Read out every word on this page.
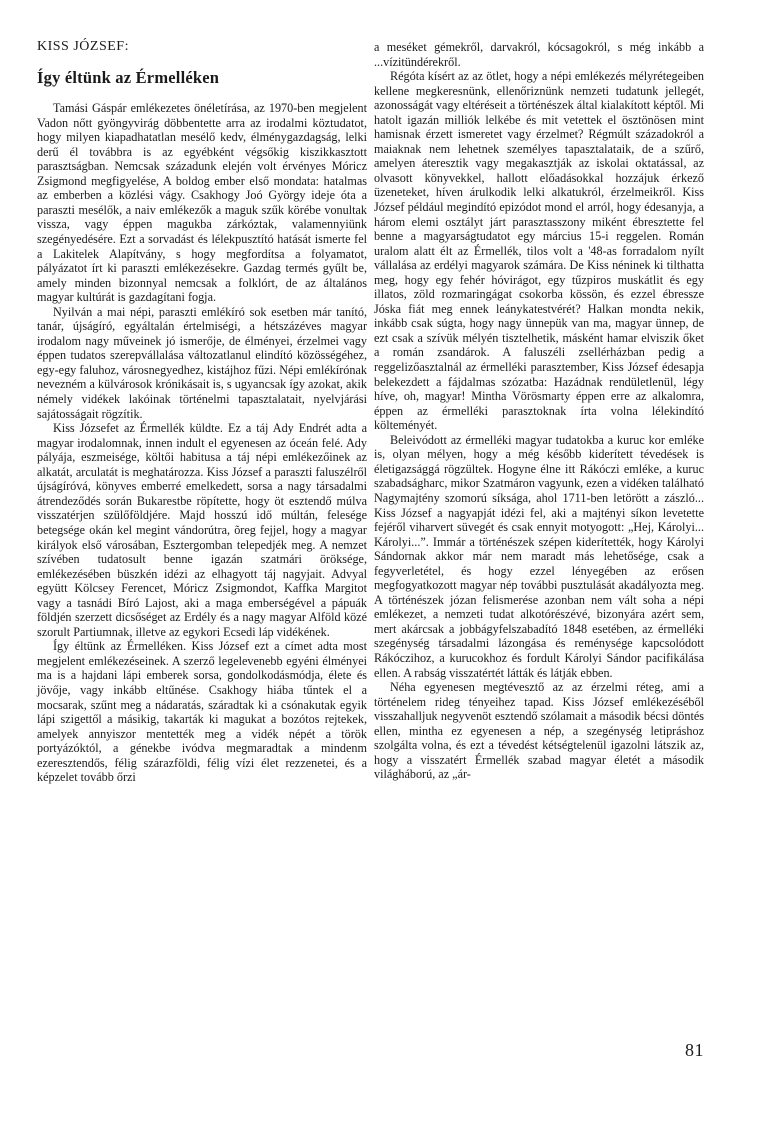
KISS JÓZSEF:
Így éltünk az Érmelléken

Tamási Gáspár emlékezetes önéletírása, az 1970-ben megjelent Vadon nőtt gyöngyvirág döbbentette arra az irodalmi köztudatot, hogy milyen kiapadhatatlan mesélő kedv, élménygazdagság, lelki derű él továbbra is az egyébként végsőkig kiszikkasztott parasztságban. Nemcsak századunk elején volt érvényes Móricz Zsigmond megfigyelése, A boldog ember első mondata: hatalmas az emberben a közlési vágy. Csakhogy Joó György ideje óta a paraszti mesélők, a naiv emlékezők a maguk szűk körébe vonultak vissza, vagy éppen magukba zárkóztak, valamennyiünk szegényedésére. Ezt a sorvadást és lélekpusztító hatását ismerte fel a Lakitelek Alapítvány, s hogy megfordítsa a folyamatot, pályázatot írt ki paraszti emlékezésekre. Gazdag termés gyűlt be, amely minden bizonnyal nemcsak a folklórt, de az általános magyar kultúrát is gazdagítani fogja.

Nyilván a mai népi, paraszti emlékíró sok esetben már tanító, tanár, újságíró, egyáltalán értelmiségi, a hétszázéves magyar irodalom nagy műveinek jó ismerője, de élményei, érzelmei vagy éppen tudatos szerepvállalása változatlanul elindító közösségéhez, egy-egy faluhoz, városnegyedhez, kistájhoz fűzi. Népi emlékírónak nevezném a külvárosok krónikásait is, s ugyancsak így azokat, akik némely vidékek lakóinak történelmi tapasztalatait, nyelvjárási sajátosságait rögzítik.

Kiss Józsefet az Érmellék küldte. Ez a táj Ady Endrét adta a magyar irodalomnak, innen indult el egyenesen az óceán felé. Ady pályája, eszmeisége, költői habitusa a táj népi emlékezőinek az alkatát, arculatát is meghatározza. Kiss József a paraszti faluszélről újságíróvá, könyves emberré emelkedett, sorsa a nagy társadalmi átrendeződés során Bukarestbe röpítette, hogy öt esztendő múlva visszatérjen szülőföldjére. Majd hosszú idő múltán, felesége betegsége okán kel megint vándorútra, õreg fejjel, hogy a magyar királyok első városában, Esztergomban telepedjék meg. A nemzet szívében tudatosult benne igazán szatmári öröksége, emlékezésében büszkén idézi az elhagyott táj nagyjait. Advyal együtt Kölcsey Ferencet, Móricz Zsigmondot, Kaffka Margitot vagy a tasnádi Bíró Lajost, aki a maga emberségével a pápuák földjén szerzett dicsőséget az Erdély és a nagy magyar Alföld közé szorult Partiumnak, illetve az egykori Ecsedi láp vidékének.

Így éltünk az Érmelléken. Kiss József ezt a címet adta most megjelent emlékezéseinek. A szerző legelevenebb egyéni élményei ma is a hajdani lápi emberek sorsa, gondolkodásmódja, élete és jövője, vagy inkább eltűnése. Csakhogy hiába tűntek el a mocsarak, szűnt meg a nádaratás, száradtak ki a csónakutak egyik lápi szigettől a másikig, takarták ki magukat a bozótos rejtekek, amelyek annyiszor mentették meg a vidék népét a török portyázóktól, a génekbe ivódva megmaradtak a mindenm ezeresztendős, félig szárazföldi, félig vízi élet rezzenetei, és a képzelet tovább őrzi

a meséket gémekről, darvakról, kócsagokról, s még inkább a ...vízitündérekről.

Régóta kísért az az ötlet, hogy a népi emlékezés mélyrétegeiben kellene megkeresnünk, ellenőriznünk nemzeti tudatunk jellegét, azonosságát vagy eltéréseit a történészek által kialakított képtől. Mi hatolt igazán milliók lelkébe és mit vetettek el ösztönösen mint hamisnak érzett ismeretet vagy érzelmet? Régmúlt századokról a maiaknak nem lehetnek személyes tapasztalataik, de a szűrő, amelyen áteresztik vagy megakasztják az iskolai oktatással, az olvasott könyvekkel, hallott előadásokkal hozzájuk érkező üzeneteket, híven árulkodik lelki alkatukról, érzelmeikről. Kiss József például megindító epizódot mond el arról, hogy édesanyja, a három elemi osztályt járt parasztasszony miként ébresztette fel benne a magyarságtudatot egy március 15-i reggelen. Román uralom alatt élt az Érmellék, tilos volt a '48-as forradalom nyílt vállalása az erdélyi magyarok számára. De Kiss néninek ki tilthatta meg, hogy egy fehér hóvirágot, egy tűzpiros muskátlit és egy illatos, zöld rozmaringágat csokorba kössön, és ezzel ébressze Jóska fiát meg ennek leánykatestvérét? Halkan mondta nekik, inkább csak súgta, hogy nagy ünnepük van ma, magyar ünnep, de ezt csak a szívük mélyén tisztelhetik, másként hamar elviszik őket a román zsandárok. A faluszéli zsellérházban pedig a reggelizőasztalnál az érmelléki parasztember, Kiss József édesapja belekezdett a fájdalmas szózatba: Hazádnak rendületlenül, légy híve, oh, magyar! Mintha Vörösmarty éppen erre az alkalomra, éppen az érmelléki parasztoknak írta volna lélekindító költeményét.

Beleivódott az érmelléki magyar tudatokba a kuruc kor emléke is, olyan mélyen, hogy a még később kiderített tévedések is életigazsággá rögzültek. Hogyne élne itt Rákóczi emléke, a kuruc szabadságharc, mikor Szatmáron vagyunk, ezen a vidéken található Nagymajtény szomorú síksága, ahol 1711-ben letörött a zászló... Kiss József a nagyapját idézi fel, aki a majtényi síkon levetette fejéről viharvert süvegét és csak ennyit motyogott: „Hej, Károlyi... Károlyi...”. Immár a történészek szépen kiderítették, hogy Károlyi Sándornak akkor már nem maradt más lehetősége, csak a fegyverletétel, és hogy ezzel lényegében az erősen megfogyatkozott magyar nép további pusztulását akadályozta meg. A történészek józan felismerése azonban nem vált soha a népi emlékezet, a nemzeti tudat alkotórészévé, bizonyára azért sem, mert akárcsak a jobbágyfelszabadító 1848 esetében, az érmelléki szegénység társadalmi lázongása és reménysége kapcsolódott Rákóczihoz, a kurucokhoz és fordult Károlyi Sándor pacifikálása ellen. A rabság visszatértét látták és látják ebben.

Néha egyenesen megtévesztő az az érzelmi réteg, ami a történelem rideg tényeihez tapad. Kiss József emlékezéséből visszahalljuk negyvenöt esztendő szólamait a második bécsi döntés ellen, mintha ez egyenesen a nép, a szegénység letipráshoz szolgálta volna, és ezt a tévedést kétségtelenül igazolni látszik az, hogy a visszatért Érmellék szabad magyar életét a második világháború, az „ár-

81
